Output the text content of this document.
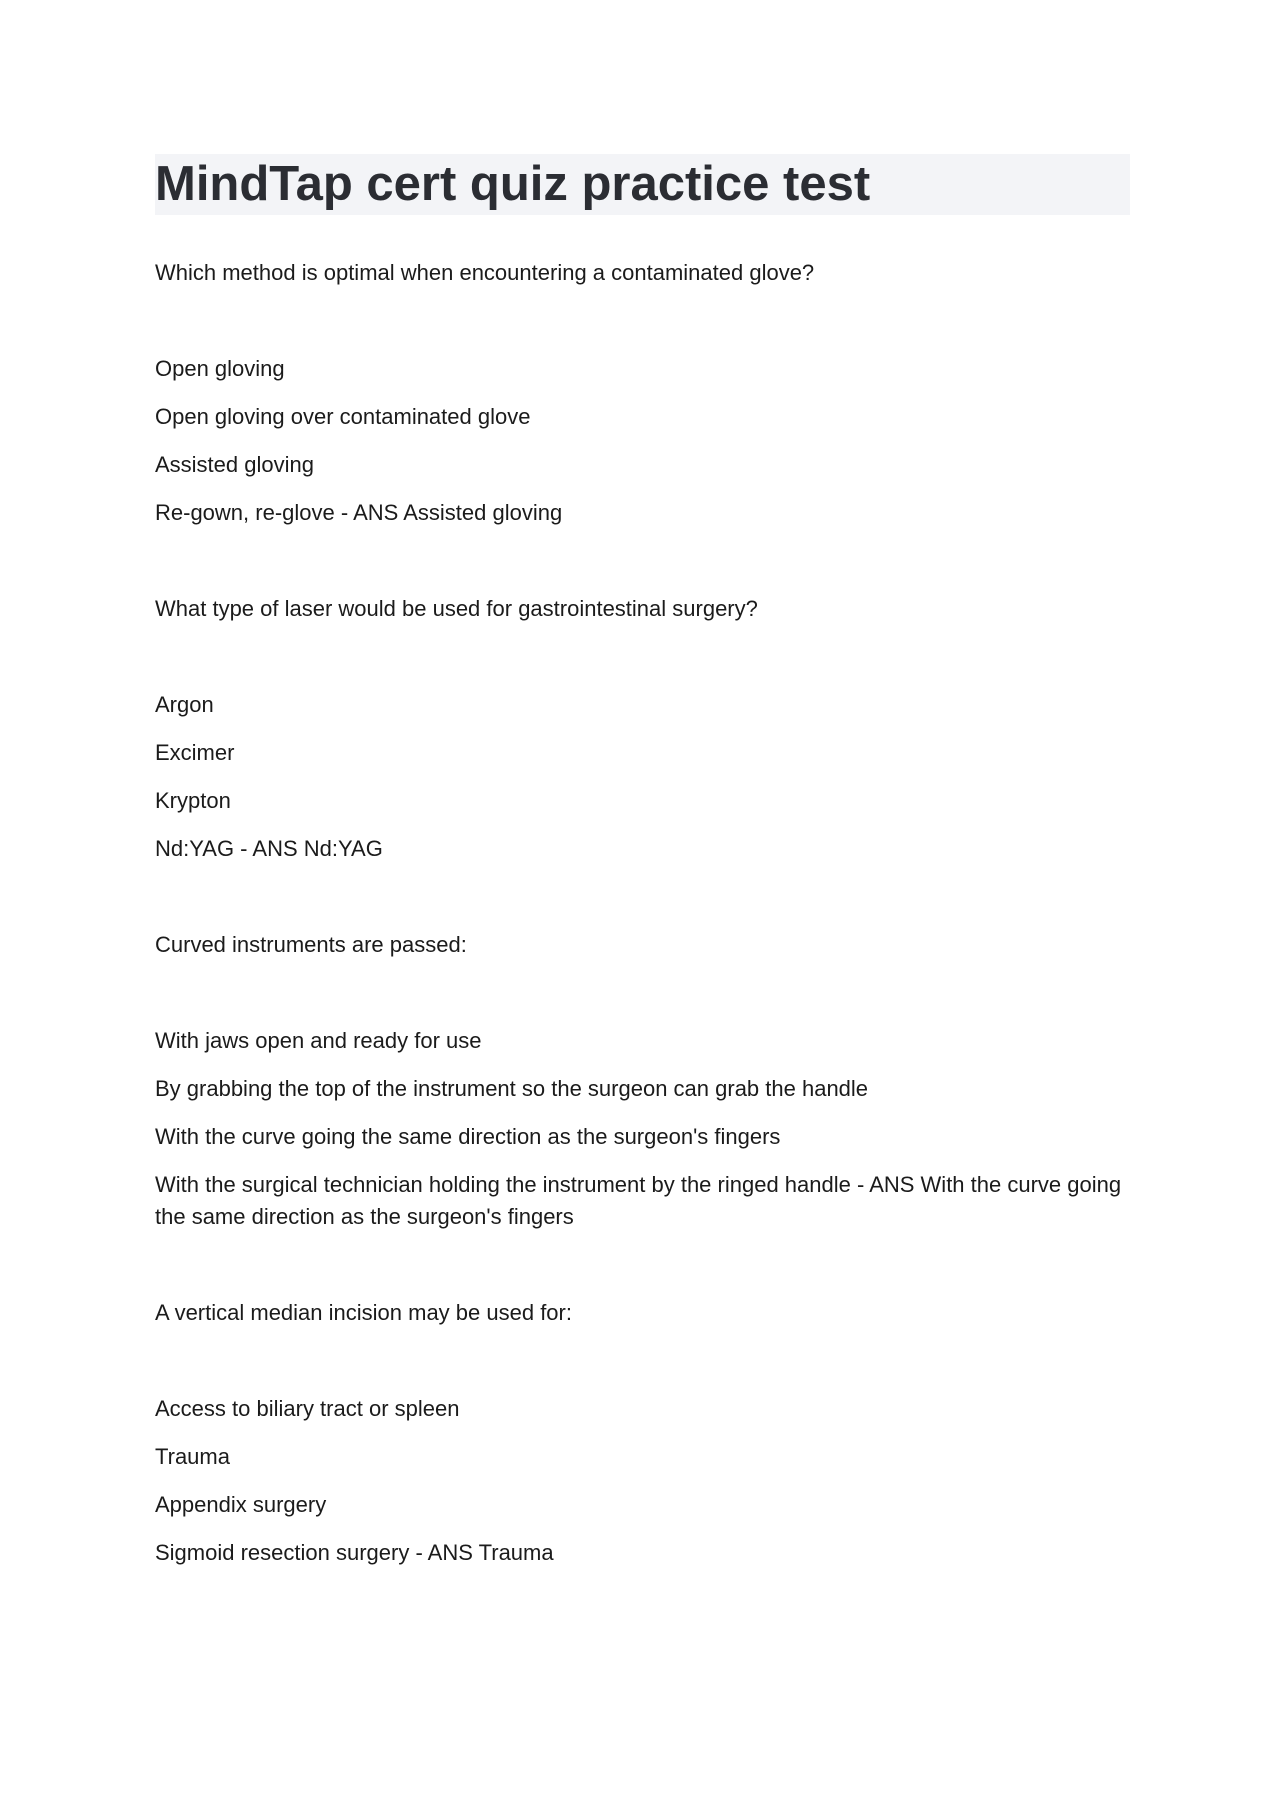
MindTap cert quiz practice test

Which method is optimal when encountering a contaminated glove?

Open gloving
Open gloving over contaminated glove
Assisted gloving
Re-gown, re-glove - ANS Assisted gloving

What type of laser would be used for gastrointestinal surgery?

Argon
Excimer
Krypton
Nd:YAG - ANS Nd:YAG

Curved instruments are passed:

With jaws open and ready for use
By grabbing the top of the instrument so the surgeon can grab the handle
With the curve going the same direction as the surgeon's fingers
With the surgical technician holding the instrument by the ringed handle - ANS With the curve going the same direction as the surgeon's fingers

A vertical median incision may be used for:

Access to biliary tract or spleen
Trauma
Appendix surgery
Sigmoid resection surgery - ANS Trauma
